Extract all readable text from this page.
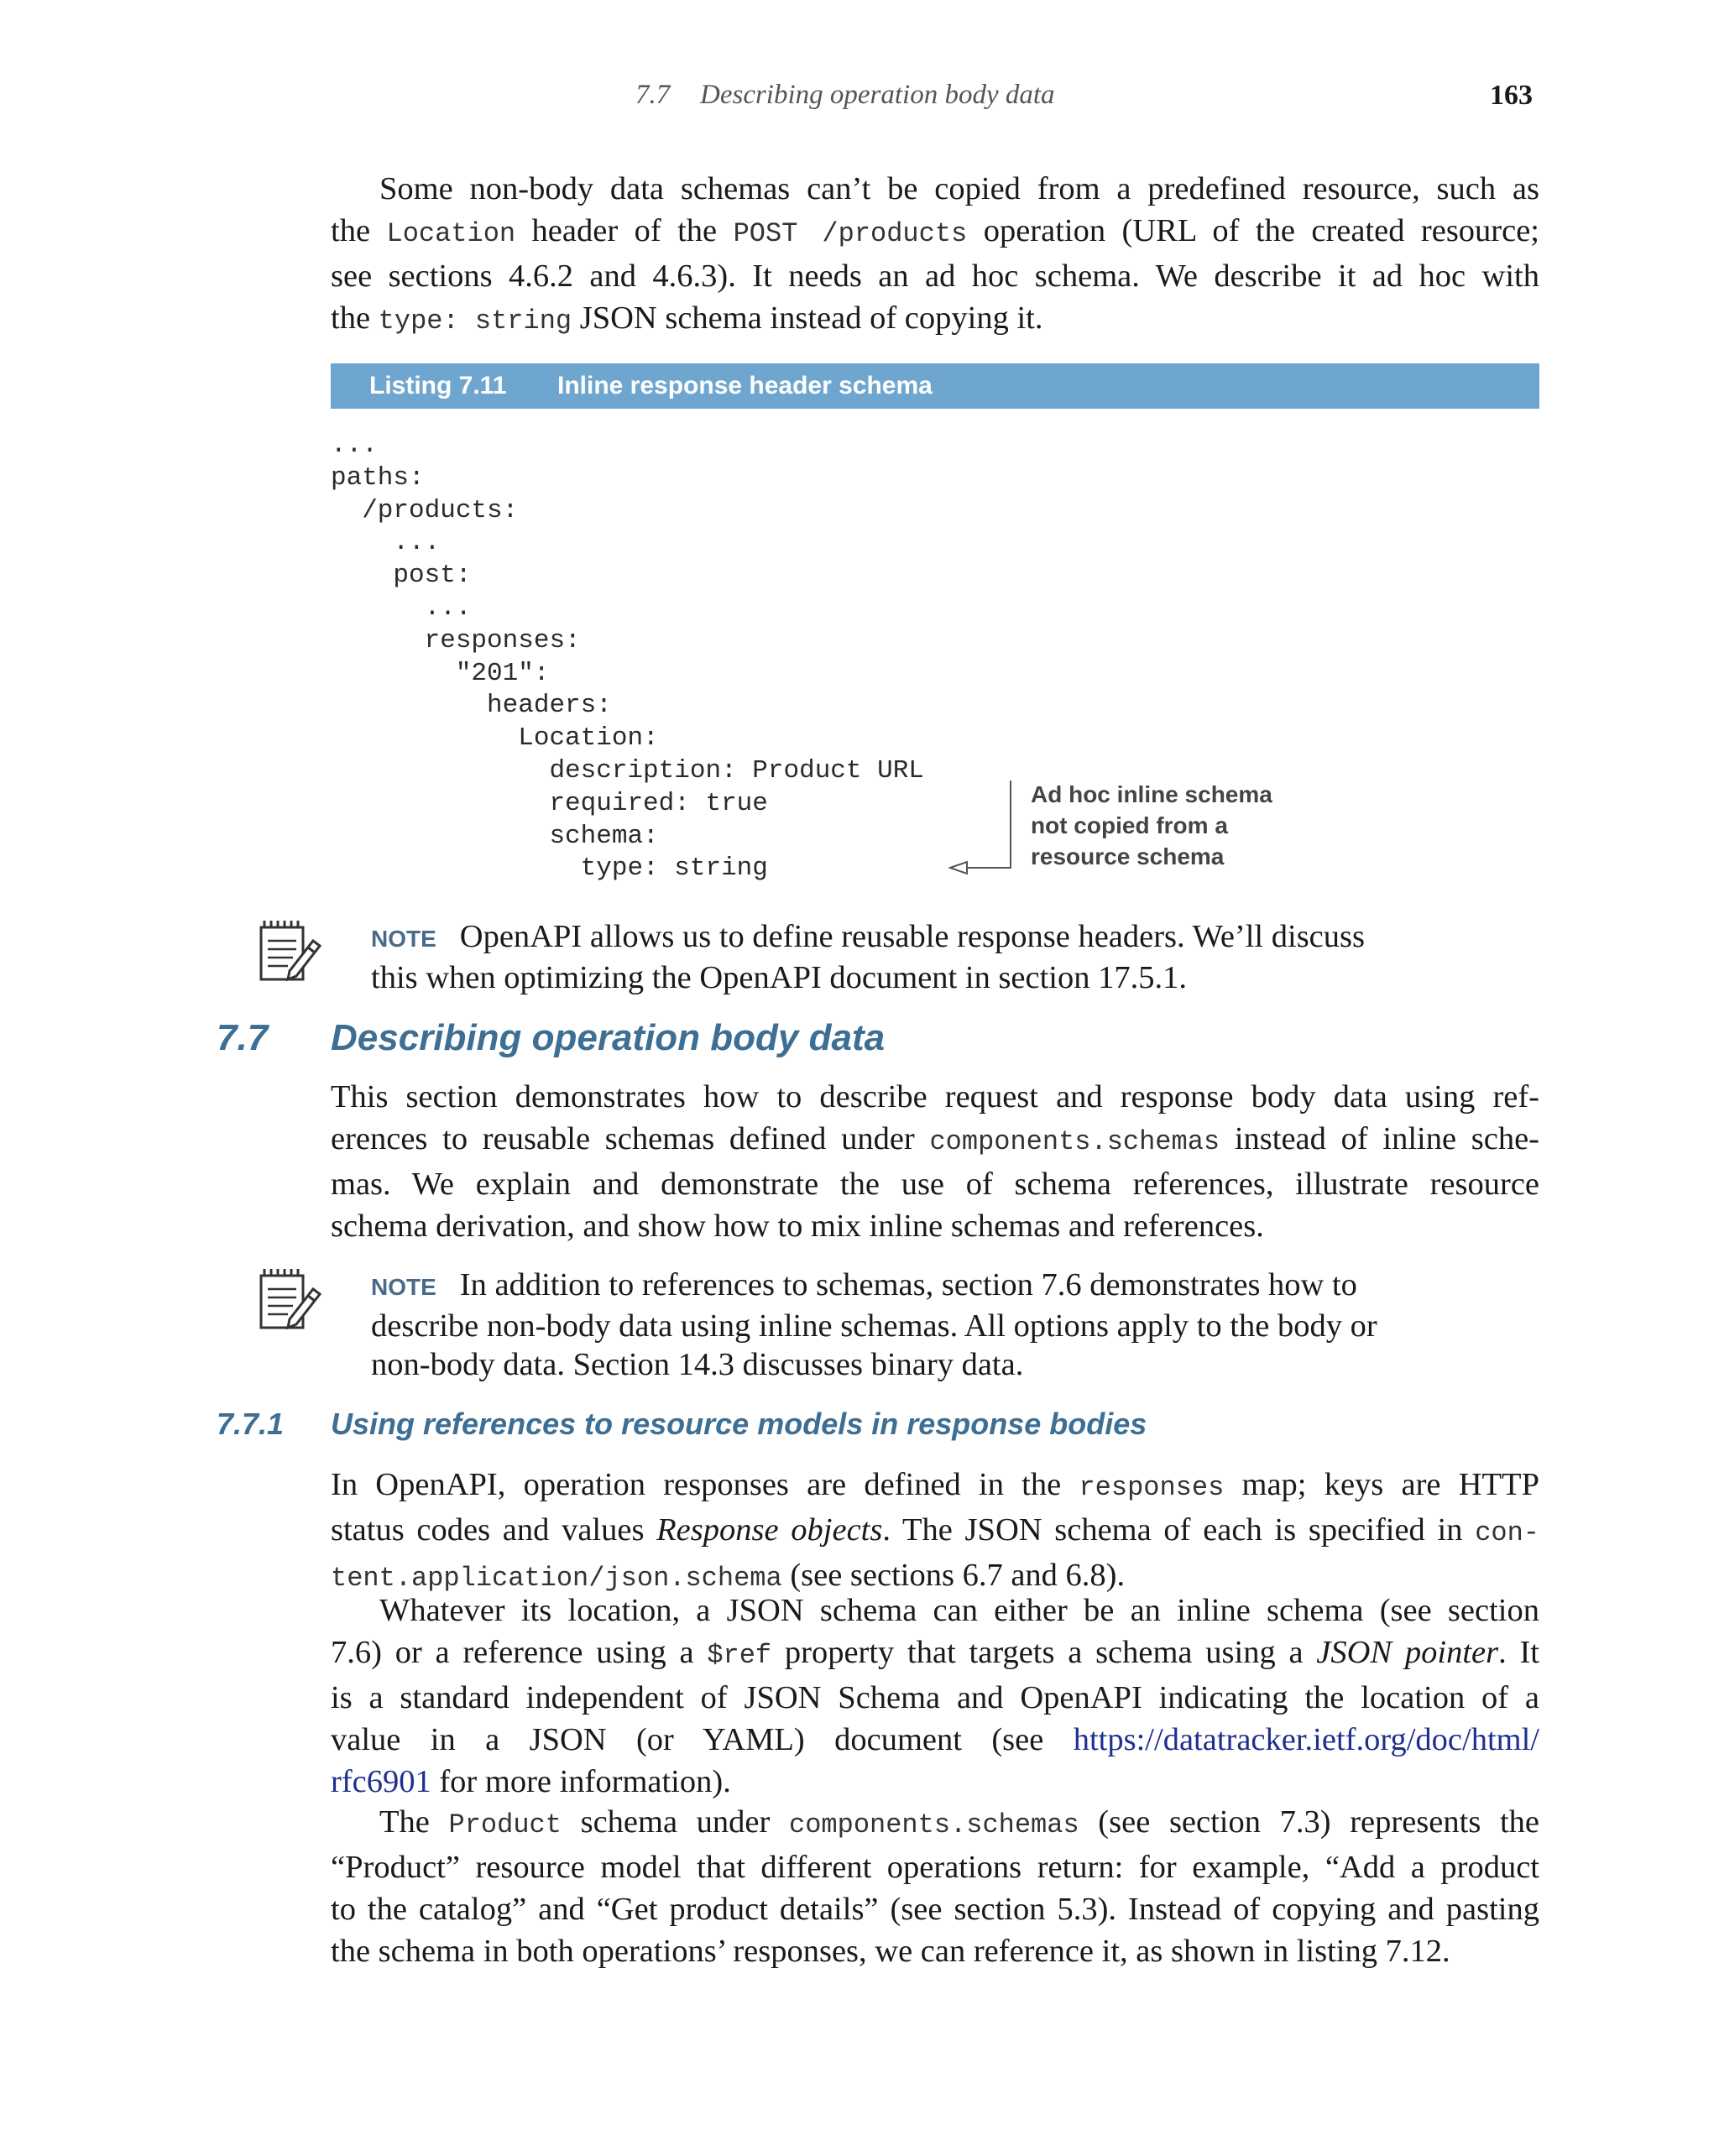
7.7 Describing operation body data	163
Some non-body data schemas can’t be copied from a predefined resource, such as
the Location header of the POST /products operation (URL of the created resource;
see sections 4.6.2 and 4.6.3). It needs an ad hoc schema. We describe it ad hoc with
the type: string JSON schema instead of copying it.
Listing 7.11 Inline response header schema
...
paths:
/products:
...
post:
...
responses:
"201":
headers:
Location:
description: Product URL
required: true
schema:
type: string
Ad hoc inline schema
not copied from a
resource schema
NOTE OpenAPI allows us to define reusable response headers. We’ll discuss
this when optimizing the OpenAPI document in section 17.5.1.
7.7 Describing operation body data
This section demonstrates how to describe request and response body data using ref-
erences to reusable schemas defined under components.schemas instead of inline sche-
mas. We explain and demonstrate the use of schema references, illustrate resource
schema derivation, and show how to mix inline schemas and references.
NOTE In addition to references to schemas, section 7.6 demonstrates how to
describe non-body data using inline schemas. All options apply to the body or
non-body data. Section 14.3 discusses binary data.
7.7.1 Using references to resource models in response bodies
In OpenAPI, operation responses are defined in the responses map; keys are HTTP
status codes and values Response objects. The JSON schema of each is specified in con-
tent.application/json.schema (see sections 6.7 and 6.8).
Whatever its location, a JSON schema can either be an inline schema (see section
7.6) or a reference using a $ref property that targets a schema using a JSON pointer. It
is a standard independent of JSON Schema and OpenAPI indicating the location of a
value in a JSON (or YAML) document (see https://datatracker.ietf.org/doc/html/
rfc6901 for more information).
The Product schema under components.schemas (see section 7.3) represents the
“Product” resource model that different operations return: for example, “Add a product
to the catalog” and “Get product details” (see section 5.3). Instead of copying and pasting
the schema in both operations’ responses, we can reference it, as shown in listing 7.12.
